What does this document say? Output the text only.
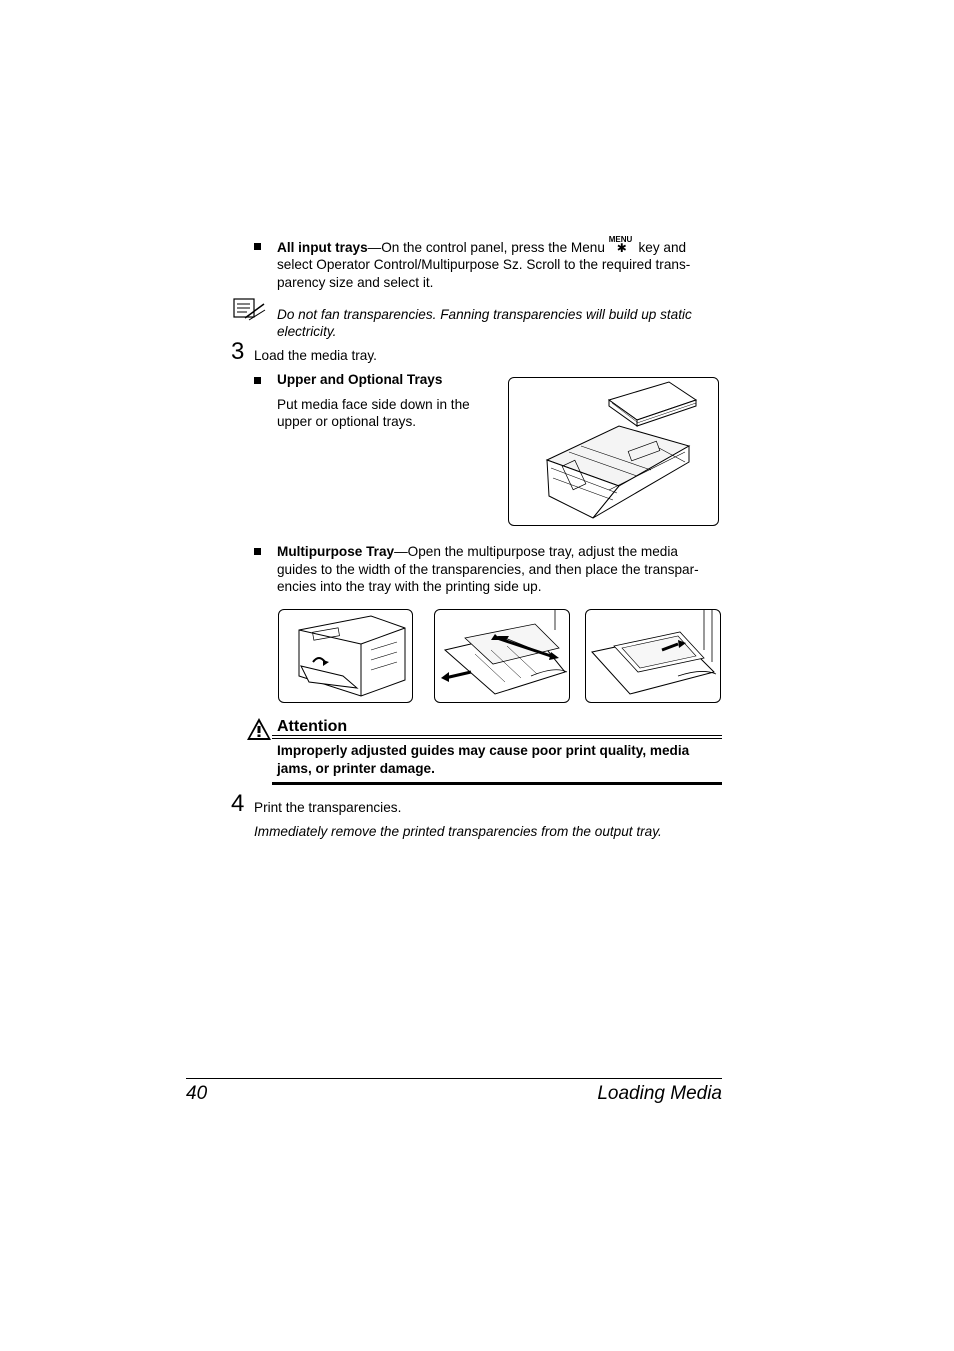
All input trays—On the control panel, press the Menu
MENU
✱ key and
select Operator Control/Multipurpose Sz. Scroll to the required trans-
parency size and select it.
Do not fan transparencies. Fanning transparencies will build up static
electricity.
3 Load the media tray.
Upper and Optional Trays
Put media face side down in the
upper or optional trays.
Multipurpose Tray—Open the multipurpose tray, adjust the media
guides to the width of the transparencies, and then place the transpar-
encies into the tray with the printing side up.
Attention
Improperly adjusted guides may cause poor print quality, media
jams, or printer damage.
4 Print the transparencies.
Immediately remove the printed transparencies from the output tray.
40	Loading Media
